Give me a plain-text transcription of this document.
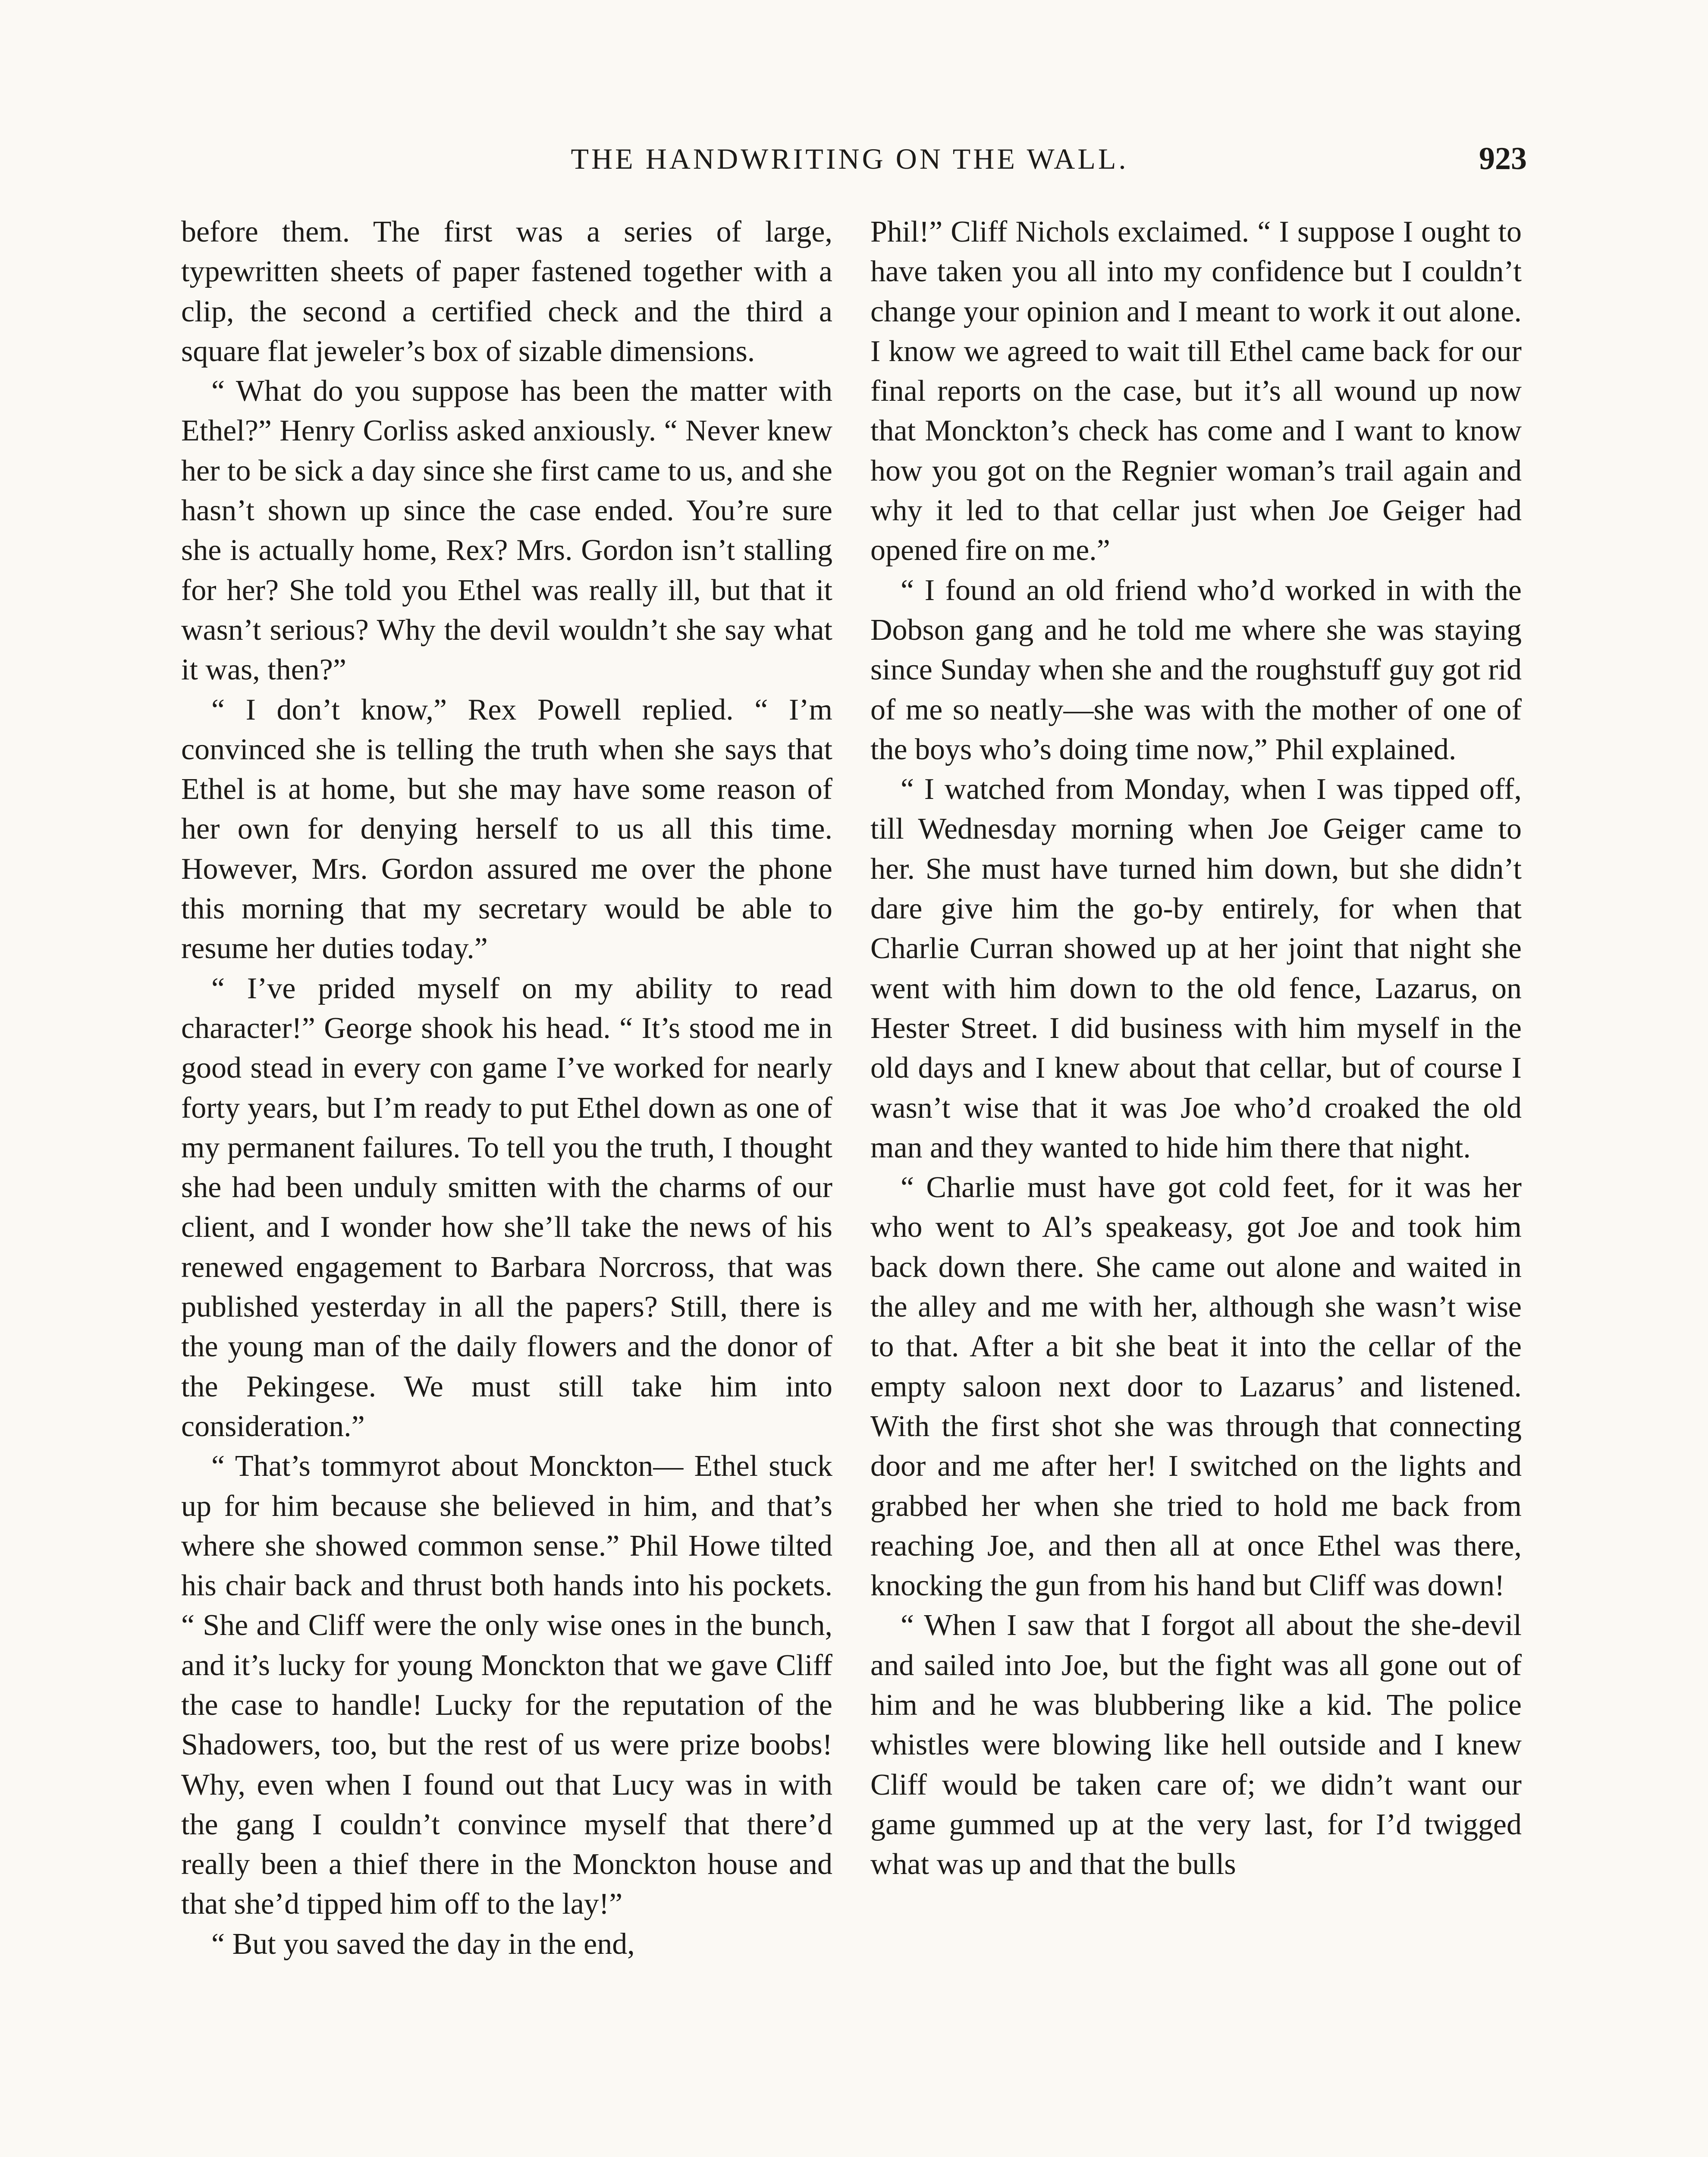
THE HANDWRITING ON THE WALL.	923

before them. The first was a series of large, typewritten sheets of paper fastened together with a clip, the second a certified check and the third a square flat jeweler’s box of sizable dimensions.

“ What do you suppose has been the matter with Ethel?” Henry Corliss asked anxiously. “ Never knew her to be sick a day since she first came to us, and she hasn’t shown up since the case ended. You’re sure she is actually home, Rex? Mrs. Gordon isn’t stalling for her? She told you Ethel was really ill, but that it wasn’t serious? Why the devil wouldn’t she say what it was, then?”

“ I don’t know,” Rex Powell replied. “ I’m convinced she is telling the truth when she says that Ethel is at home, but she may have some reason of her own for denying herself to us all this time. However, Mrs. Gordon assured me over the phone this morning that my secretary would be able to resume her duties today.”

“ I’ve prided myself on my ability to read character!” George shook his head. “ It’s stood me in good stead in every con game I’ve worked for nearly forty years, but I’m ready to put Ethel down as one of my permanent failures. To tell you the truth, I thought she had been unduly smitten with the charms of our client, and I wonder how she’ll take the news of his renewed engagement to Barbara Norcross, that was published yesterday in all the papers? Still, there is the young man of the daily flowers and the donor of the Pekingese. We must still take him into consideration.”

“ That’s tommyrot about Monckton— Ethel stuck up for him because she believed in him, and that’s where she showed common sense.” Phil Howe tilted his chair back and thrust both hands into his pockets. “ She and Cliff were the only wise ones in the bunch, and it’s lucky for young Monckton that we gave Cliff the case to handle! Lucky for the reputation of the Shadowers, too, but the rest of us were prize boobs! Why, even when I found out that Lucy was in with the gang I couldn’t convince myself that there’d really been a thief there in the Monckton house and that she’d tipped him off to the lay!”

“ But you saved the day in the end,

Phil!” Cliff Nichols exclaimed. “ I suppose I ought to have taken you all into my confidence but I couldn’t change your opinion and I meant to work it out alone. I know we agreed to wait till Ethel came back for our final reports on the case, but it’s all wound up now that Monckton’s check has come and I want to know how you got on the Regnier woman’s trail again and why it led to that cellar just when Joe Geiger had opened fire on me.”

“ I found an old friend who’d worked in with the Dobson gang and he told me where she was staying since Sunday when she and the roughstuff guy got rid of me so neatly—she was with the mother of one of the boys who’s doing time now,” Phil explained.

“ I watched from Monday, when I was tipped off, till Wednesday morning when Joe Geiger came to her. She must have turned him down, but she didn’t dare give him the go-by entirely, for when that Charlie Curran showed up at her joint that night she went with him down to the old fence, Lazarus, on Hester Street. I did business with him myself in the old days and I knew about that cellar, but of course I wasn’t wise that it was Joe who’d croaked the old man and they wanted to hide him there that night.

“ Charlie must have got cold feet, for it was her who went to Al’s speakeasy, got Joe and took him back down there. She came out alone and waited in the alley and me with her, although she wasn’t wise to that. After a bit she beat it into the cellar of the empty saloon next door to Lazarus’ and listened. With the first shot she was through that connecting door and me after her! I switched on the lights and grabbed her when she tried to hold me back from reaching Joe, and then all at once Ethel was there, knocking the gun from his hand but Cliff was down!

“ When I saw that I forgot all about the she-devil and sailed into Joe, but the fight was all gone out of him and he was blubbering like a kid. The police whistles were blowing like hell outside and I knew Cliff would be taken care of; we didn’t want our game gummed up at the very last, for I’d twigged what was up and that the bulls
